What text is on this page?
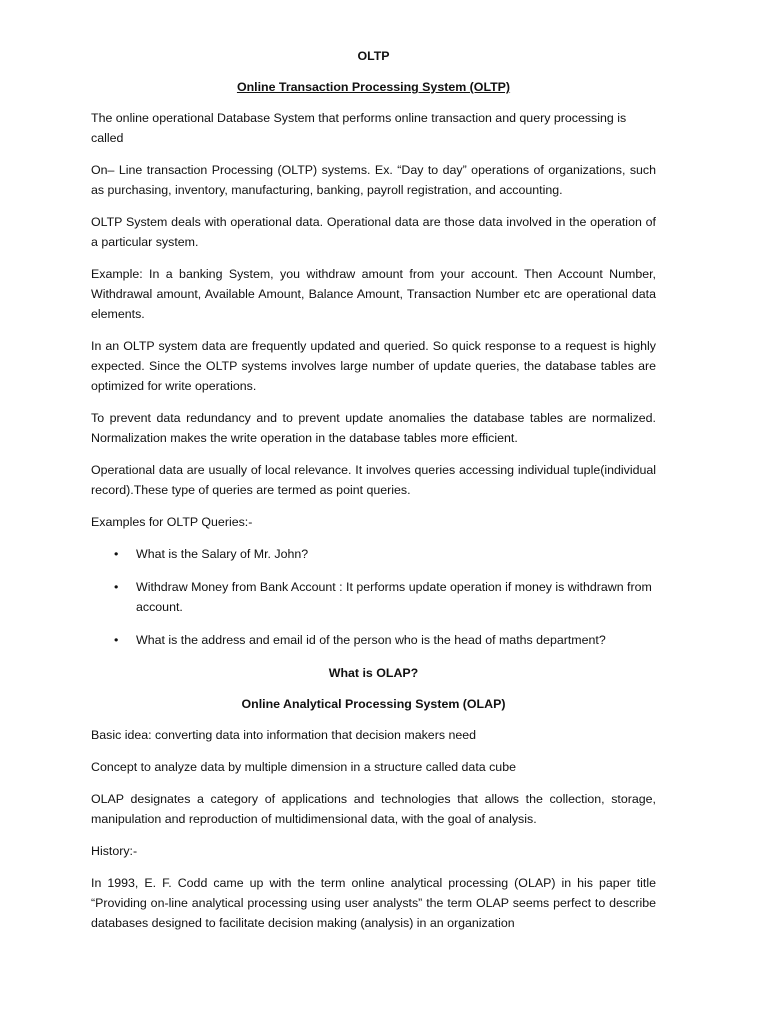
OLTP
Online Transaction Processing System (OLTP)

The online operational Database System that performs online transaction and query processing is called

On– Line transaction Processing (OLTP) systems. Ex. “Day to day” operations of organizations, such as purchasing, inventory, manufacturing, banking, payroll registration, and accounting.

OLTP System deals with operational data. Operational data are those data involved in the operation of a particular system.

Example: In a banking System, you withdraw amount from your account. Then Account Number, Withdrawal amount, Available Amount, Balance Amount, Transaction Number etc are operational data elements.

In an OLTP system data are frequently updated and queried. So quick response to a request is highly expected. Since the OLTP systems involves large number of update queries, the database tables are optimized for write operations.

To prevent data redundancy and to prevent update anomalies the database tables are normalized. Normalization makes the write operation in the database tables more efficient.

Operational data are usually of local relevance. It involves queries accessing individual tuple(individual record).These type of queries are termed as point queries.

Examples for OLTP Queries:-

• What is the Salary of Mr. John?
• Withdraw Money from Bank Account : It performs update operation if money is withdrawn from account.
• What is the address and email id of the person who is the head of maths department?
What is OLAP?
Online Analytical Processing System (OLAP)

Basic idea: converting data into information that decision makers need

Concept to analyze data by multiple dimension in a structure called data cube

OLAP designates a category of applications and technologies that allows the collection, storage, manipulation and reproduction of multidimensional data, with the goal of analysis.

History:-

In 1993, E. F. Codd came up with the term online analytical processing (OLAP) in his paper title “Providing on-line analytical processing using user analysts” the term OLAP seems perfect to describe databases designed to facilitate decision making (analysis) in an organization
